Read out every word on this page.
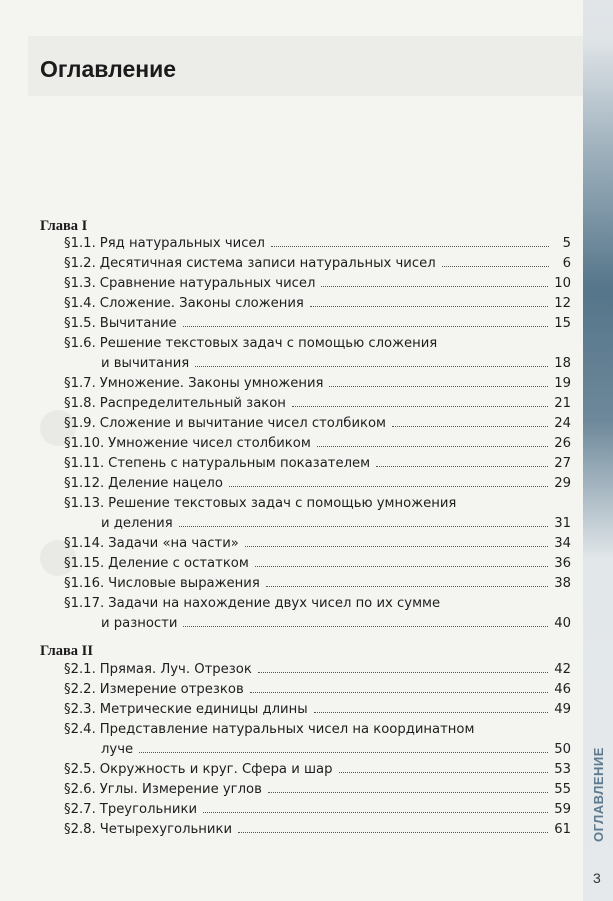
ОГЛАВЛЕНИЕ
3
Оглавление
Глава I
§1.1. Ряд натуральных чисел	5
§1.2. Десятичная система записи натуральных чисел	6
§1.3. Сравнение натуральных чисел	10
§1.4. Сложение. Законы сложения	12
§1.5. Вычитание	15
§1.6. Решение текстовых задач с помощью сложения
и вычитания	18
§1.7. Умножение. Законы умножения	19
§1.8. Распределительный закон	21
§1.9. Сложение и вычитание чисел столбиком	24
§1.10. Умножение чисел столбиком	26
§1.11. Степень с натуральным показателем	27
§1.12. Деление нацело	29
§1.13. Решение текстовых задач с помощью умножения
и деления	31
§1.14. Задачи «на части»	34
§1.15. Деление с остатком	36
§1.16. Числовые выражения	38
§1.17. Задачи на нахождение двух чисел по их сумме
и разности	40
Глава II
§2.1. Прямая. Луч. Отрезок	42
§2.2. Измерение отрезков	46
§2.3. Метрические единицы длины	49
§2.4. Представление натуральных чисел на координатном
луче	50
§2.5. Окружность и круг. Сфера и шар	53
§2.6. Углы. Измерение углов	55
§2.7. Треугольники	59
§2.8. Четырехугольники	61
